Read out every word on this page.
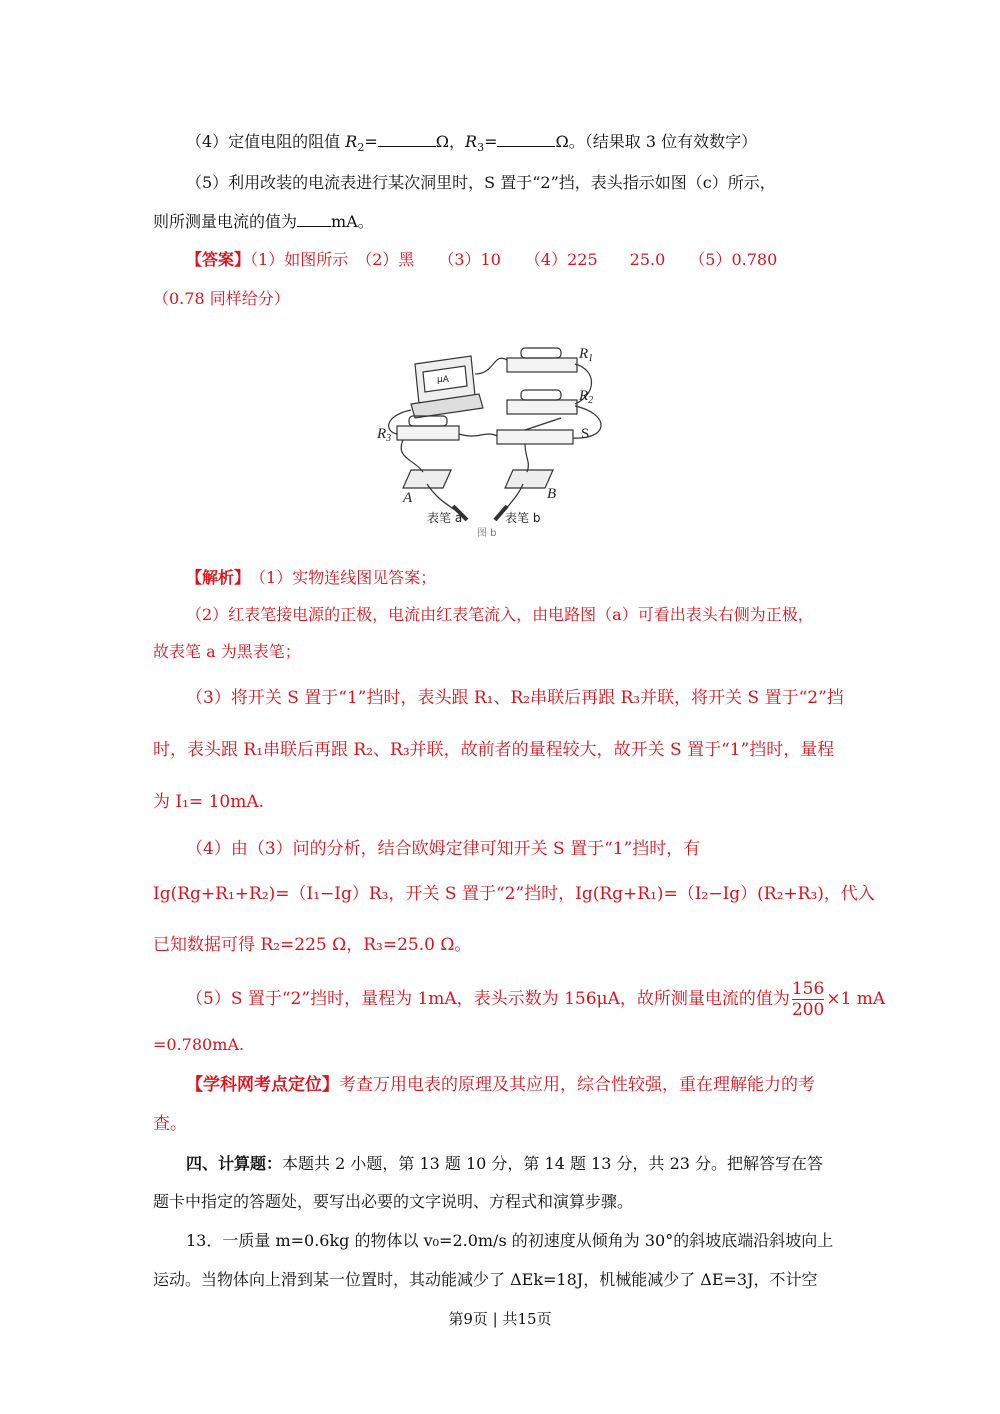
（4）定值电阻的阻值 $R_2=$	Ω，$R_3=$	Ω。（结果取 3 位有效数字）
（5）利用改装的电流表进行某次洞里时，S 置于“2”挡，表头指示如图（c）所示，
则所测量电流的值为 mA。
【答案】（1）如图所示　（2）黑　　（3）10　　（4）225　　25.0　　（5）0.780
（0.78 同样给分）
$R_1$
$R_2$
$R_3$	S
A	B
μA
表笔 a	表笔 b
图 b
【解析】　 （1）实物连线图见答案；
（2）红表笔接电源的正极，电流由红表笔流入，由电路图（a）可看出表头右侧为正极，
故表笔 a 为黑表笔；
（3）将开关 S 置于“1”挡时，表头跟 R₁、R₂串联后再跟 R₃并联，将开关 S 置于“2”挡
时，表头跟 R₁串联后再跟 R₂、R₃并联，故前者的量程较大，故开关 S 置于“1”挡时，量程
为 I₁= 10mA.
（4）由（3）问的分析，结合欧姆定律可知开关 S 置于“1”挡时，有
Ig(Rg+R₁+R₂)=（I₁−Ig）R₃，开关 S 置于“2”挡时，Ig(Rg+R₁)=（I₂−Ig）(R₂+R₃)，代入
已知数据可得 R₂=225 Ω，R₃=25.0 Ω。
（5）S 置于“2”挡时，量程为 1mA，表头示数为 156μA，故所测量电流的值为 $\frac{156}{200} \times 1$ mA
=0.780mA.
【学科网考点定位】考查万用电表的原理及其应用，综合性较强，重在理解能力的考
查。
四、计算题：本题共 2 小题，第 13 题 10 分，第 14 题 13 分，共 23 分。把解答写在答
题卡中指定的答题处，要写出必要的文字说明、方程式和演算步骤。
13．一质量 m=0.6kg 的物体以 v₀=2.0m/s 的初速度从倾角为 30°的斜坡底端沿斜坡向上
运动。当物体向上滑到某一位置时，其动能减少了 ΔEk=18J，机械能减少了 ΔE=3J，不计空
第9页 | 共15页
